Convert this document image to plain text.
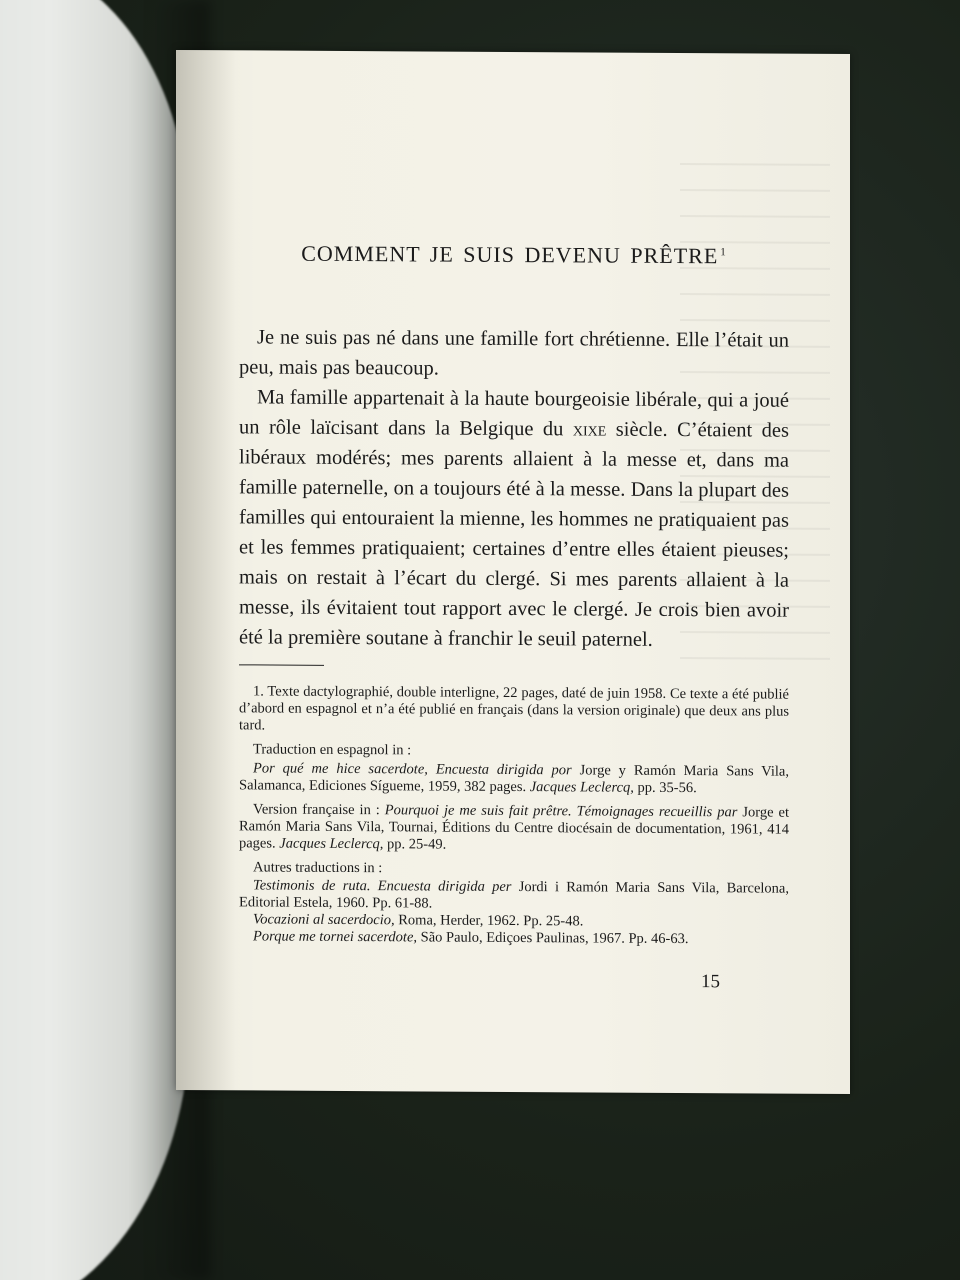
COMMENT JE SUIS DEVENU PRÊTRE $^1$

Je ne suis pas né dans une famille fort chrétienne. Elle l’était un peu, mais pas beaucoup.

Ma famille appartenait à la haute bourgeoisie libérale, qui a joué un rôle laïcisant dans la Belgique du xixe siècle. C’étaient des libéraux modérés; mes parents allaient à la messe et, dans ma famille paternelle, on a toujours été à la messe. Dans la plupart des familles qui entouraient la mienne, les hommes ne pratiquaient pas et les femmes pratiquaient; certaines d’entre elles étaient pieuses; mais on restait à l’écart du clergé. Si mes parents allaient à la messe, ils évitaient tout rapport avec le clergé. Je crois bien avoir été la première soutane à franchir le seuil paternel.

1. Texte dactylographié, double interligne, 22 pages, daté de juin 1958. Ce texte a été publié d’abord en espagnol et n’a été publié en français (dans la version originale) que deux ans plus tard.

Traduction en espagnol in :

Por qué me hice sacerdote, Encuesta dirigida por Jorge y Ramón Maria Sans Vila, Salamanca, Ediciones Sígueme, 1959, 382 pages. Jacques Leclercq, pp. 35-56.

Version française in : Pourquoi je me suis fait prêtre. Témoignages recueillis par Jorge et Ramón Maria Sans Vila, Tournai, Éditions du Centre diocésain de documentation, 1961, 414 pages. Jacques Leclercq, pp. 25-49.

Autres traductions in :

Testimonis de ruta. Encuesta dirigida per Jordi i Ramón Maria Sans Vila, Barcelona, Editorial Estela, 1960. Pp. 61-88.

Vocazioni al sacerdocio, Roma, Herder, 1962. Pp. 25-48.

Porque me tornei sacerdote, São Paulo, Ediçoes Paulinas, 1967. Pp. 46-63.

15
